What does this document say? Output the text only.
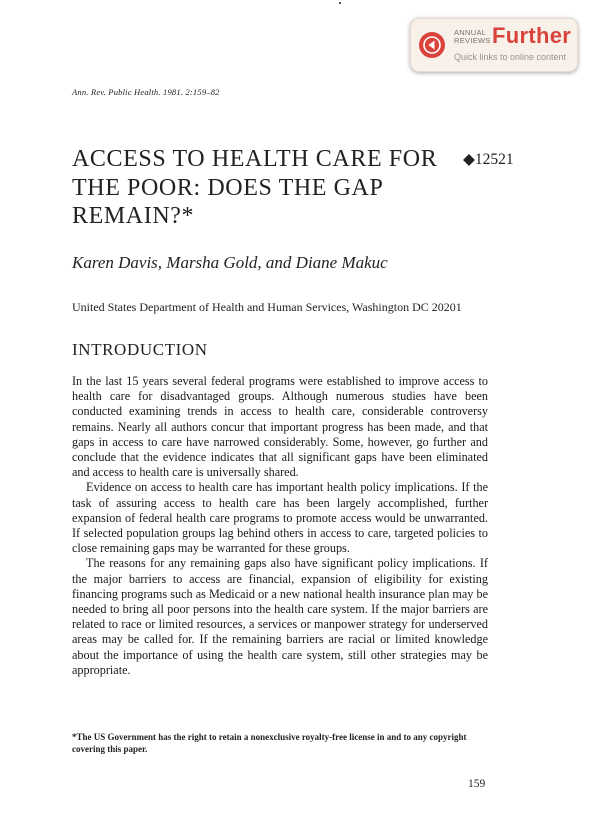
ANNUAL
REVIEWS Further
Quick links to online content
Ann. Rev. Public Health. 1981. 2:159–82
ACCESS TO HEALTH CARE FOR THE POOR: DOES THE GAP REMAIN?*
◆12521
Karen Davis, Marsha Gold, and Diane Makuc
United States Department of Health and Human Services, Washington DC 20201
INTRODUCTION

In the last 15 years several federal programs were established to improve access to health care for disadvantaged groups. Although numerous studies have been conducted examining trends in access to health care, considerable controversy remains. Nearly all authors concur that important progress has been made, and that gaps in access to care have narrowed considerably. Some, however, go further and conclude that the evidence indicates that all significant gaps have been eliminated and access to health care is universally shared.

Evidence on access to health care has important health policy implications. If the task of assuring access to health care has been largely accomplished, further expansion of federal health care programs to promote access would be unwarranted. If selected population groups lag behind others in access to care, targeted policies to close remaining gaps may be warranted for these groups.

The reasons for any remaining gaps also have significant policy implications. If the major barriers to access are financial, expansion of eligibility for existing financing programs such as Medicaid or a new national health insurance plan may be needed to bring all poor persons into the health care system. If the major barriers are related to race or limited resources, a services or manpower strategy for underserved areas may be called for. If the remaining barriers are racial or limited knowledge about the importance of using the health care system, still other strategies may be appropriate.

*The US Government has the right to retain a nonexclusive royalty-free license in and to any copyright covering this paper.
159
